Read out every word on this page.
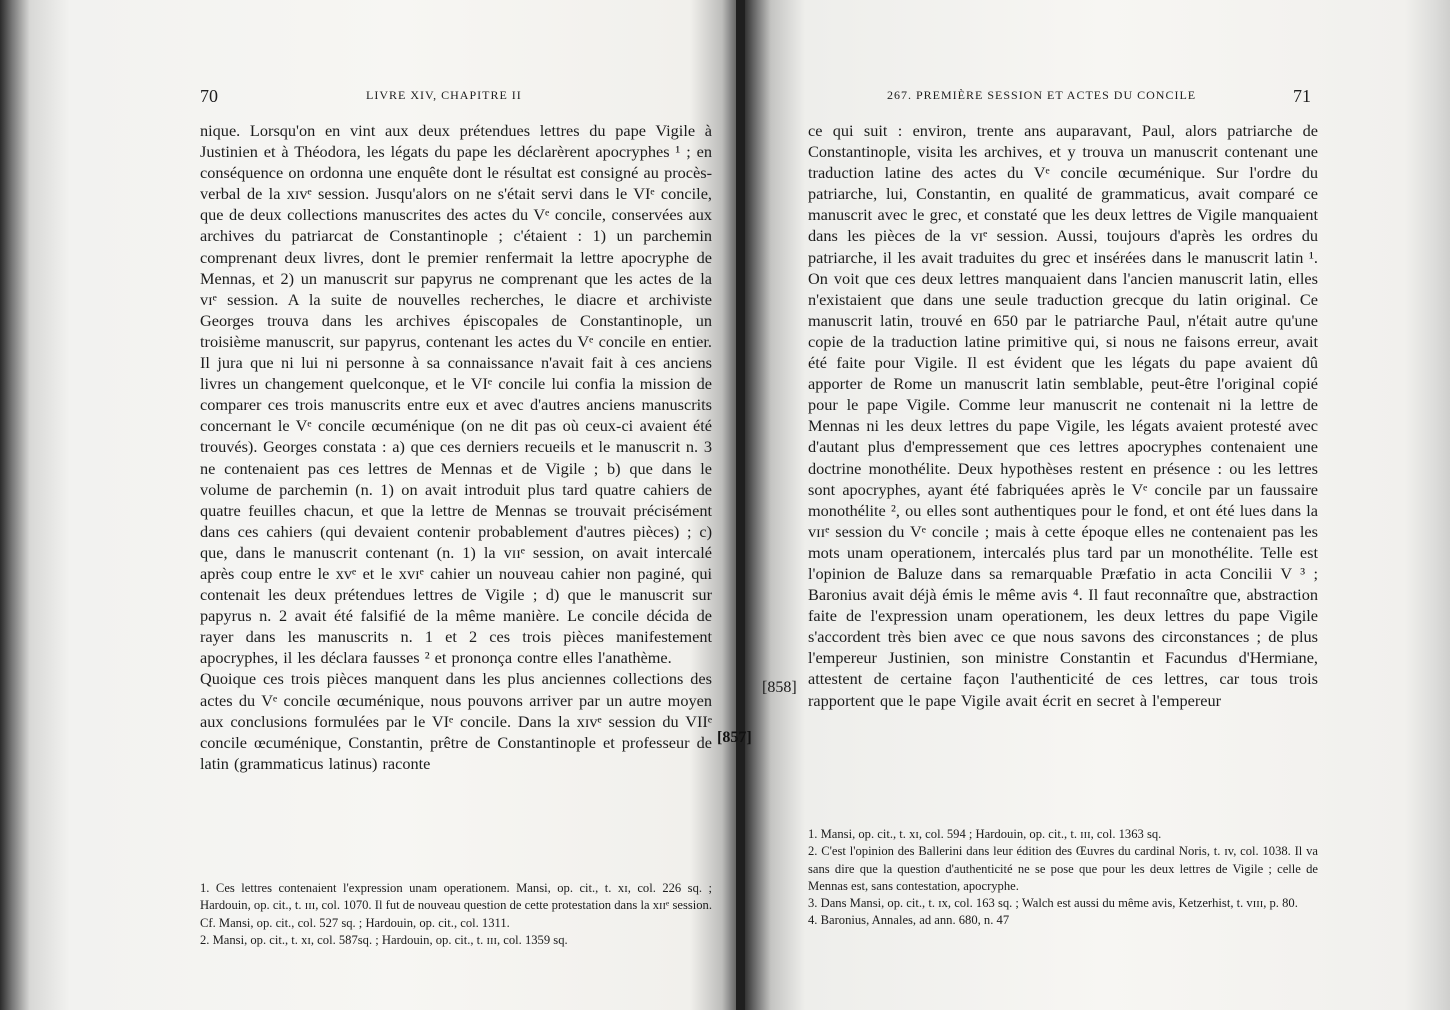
70	LIVRE XIV, CHAPITRE II

nique. Lorsqu'on en vint aux deux prétendues lettres du pape Vigile à Justinien et à Théodora, les légats du pape les déclarèrent apocryphes ¹ ; en conséquence on ordonna une enquête dont le résultat est consigné au procès-verbal de la xɪvᵉ session. Jusqu'alors on ne s'était servi dans le VIᵉ concile, que de deux collections manuscrites des actes du Vᵉ concile, conservées aux archives du patriarcat de Constantinople ; c'étaient : 1) un parchemin comprenant deux livres, dont le premier renfermait la lettre apocryphe de Mennas, et 2) un manuscrit sur papyrus ne comprenant que les actes de la vɪᵉ session. A la suite de nouvelles recherches, le diacre et archiviste Georges trouva dans les archives épiscopales de Constantinople, un troisième manuscrit, sur papyrus, contenant les actes du Vᵉ concile en entier. Il jura que ni lui ni personne à sa connaissance n'avait fait à ces anciens livres un changement quelconque, et le VIᵉ concile lui confia la mission de comparer ces trois manuscrits entre eux et avec d'autres anciens manuscrits concernant le Vᵉ concile œcuménique (on ne dit pas où ceux-ci avaient été trouvés). Georges constata : a) que ces derniers recueils et le manuscrit n. 3 ne contenaient pas ces lettres de Mennas et de Vigile ; b) que dans le volume de parchemin (n. 1) on avait introduit plus tard quatre cahiers de quatre feuilles chacun, et que la lettre de Mennas se trouvait précisément dans ces cahiers (qui devaient contenir probablement d'autres pièces) ; c) que, dans le manuscrit contenant (n. 1) la vɪɪᵉ session, on avait intercalé après coup entre le xvᵉ et le xvɪᵉ cahier un nouveau cahier non paginé, qui contenait les deux prétendues lettres de Vigile ; d) que le manuscrit sur papyrus n. 2 avait été falsifié de la même manière. Le concile décida de rayer dans les manuscrits n. 1 et 2 ces trois pièces manifestement apocryphes, il les déclara fausses ² et prononça contre elles l'anathème.
Quoique ces trois pièces manquent dans les plus anciennes collections des actes du Vᵉ concile œcuménique, nous pouvons arriver par un autre moyen aux conclusions formulées par le VIᵉ concile. Dans la xɪvᵉ session du VIIᵉ concile œcuménique, Constantin, prêtre de Constantinople et professeur de latin (grammaticus latinus) raconte

1. Ces lettres contenaient l'expression unam operationem. Mansi, op. cit., t. xɪ, col. 226 sq. ; Hardouin, op. cit., t. ɪɪɪ, col. 1070. Il fut de nouveau question de cette protestation dans la xɪɪᵉ session. Cf. Mansi, op. cit., col. 527 sq. ; Hardouin, op. cit., col. 1311.
2. Mansi, op. cit., t. xɪ, col. 587sq. ; Hardouin, op. cit., t. ɪɪɪ, col. 1359 sq.

267. PREMIÈRE SESSION ET ACTES DU CONCILE	71

ce qui suit : environ, trente ans auparavant, Paul, alors patriarche de Constantinople, visita les archives, et y trouva un manuscrit contenant une traduction latine des actes du Vᵉ concile œcuménique. Sur l'ordre du patriarche, lui, Constantin, en qualité de grammaticus, avait comparé ce manuscrit avec le grec, et constaté que les deux lettres de Vigile manquaient dans les pièces de la vɪᵉ session. Aussi, toujours d'après les ordres du patriarche, il les avait traduites du grec et insérées dans le manuscrit latin ¹. On voit que ces deux lettres manquaient dans l'ancien manuscrit latin, elles n'existaient que dans une seule traduction grecque du latin original. Ce manuscrit latin, trouvé en 650 par le patriarche Paul, n'était autre qu'une copie de la traduction latine primitive qui, si nous ne faisons erreur, avait été faite pour Vigile. Il est évident que les légats du pape avaient dû apporter de Rome un manuscrit latin semblable, peut-être l'original copié pour le pape Vigile. Comme leur manuscrit ne contenait ni la lettre de Mennas ni les deux lettres du pape Vigile, les légats avaient protesté avec d'autant plus d'empressement que ces lettres apocryphes contenaient une doctrine monothélite. Deux hypothèses restent en présence : ou les lettres sont apocryphes, ayant été fabriquées après le Vᵉ concile par un faussaire monothélite ², ou elles sont authentiques pour le fond, et ont été lues dans la vɪɪᵉ session du Vᵉ concile ; mais à cette époque elles ne contenaient pas les mots unam operationem, intercalés plus tard par un monothélite. Telle est l'opinion de Baluze dans sa remarquable Præfatio in acta Concilii V ³ ; Baronius avait déjà émis le même avis ⁴. Il faut reconnaître que, abstraction faite de l'expression unam operationem, les deux lettres du pape Vigile s'accordent très bien avec ce que nous savons des circonstances ; de plus l'empereur Justinien, son ministre Constantin et Facundus d'Hermiane, attestent de certaine façon l'authenticité de ces lettres, car tous trois rapportent que le pape Vigile avait écrit en secret à l'empereur

1. Mansi, op. cit., t. xɪ, col. 594 ; Hardouin, op. cit., t. ɪɪɪ, col. 1363 sq.
2. C'est l'opinion des Ballerini dans leur édition des Œuvres du cardinal Noris, t. ɪv, col. 1038. Il va sans dire que la question d'authenticité ne se pose que pour les deux lettres de Vigile ; celle de Mennas est, sans contestation, apocryphe.
3. Dans Mansi, op. cit., t. ɪx, col. 163 sq. ; Walch est aussi du même avis, Ketzerhist, t. vɪɪɪ, p. 80.
4. Baronius, Annales, ad ann. 680, n. 47

[857]
[858]
